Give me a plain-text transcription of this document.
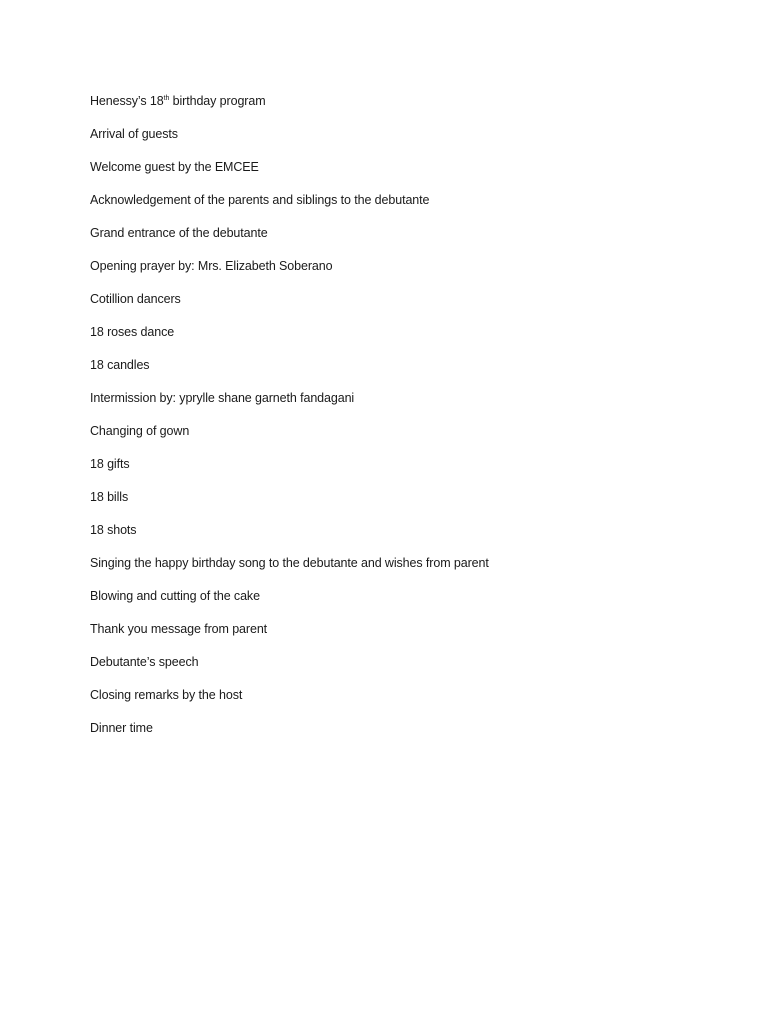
Henessy’s 18th birthday program
Arrival of guests
Welcome guest by the EMCEE
Acknowledgement of the parents and siblings to the debutante
Grand entrance of the debutante
Opening prayer by: Mrs. Elizabeth Soberano
Cotillion dancers
18 roses dance
18 candles
Intermission by: yprylle shane garneth fandagani
Changing of gown
18 gifts
18 bills
18 shots
Singing the happy birthday song to the debutante and wishes from parent
Blowing and cutting of the cake
Thank you message from parent
Debutante’s speech
Closing remarks by the host
Dinner time
